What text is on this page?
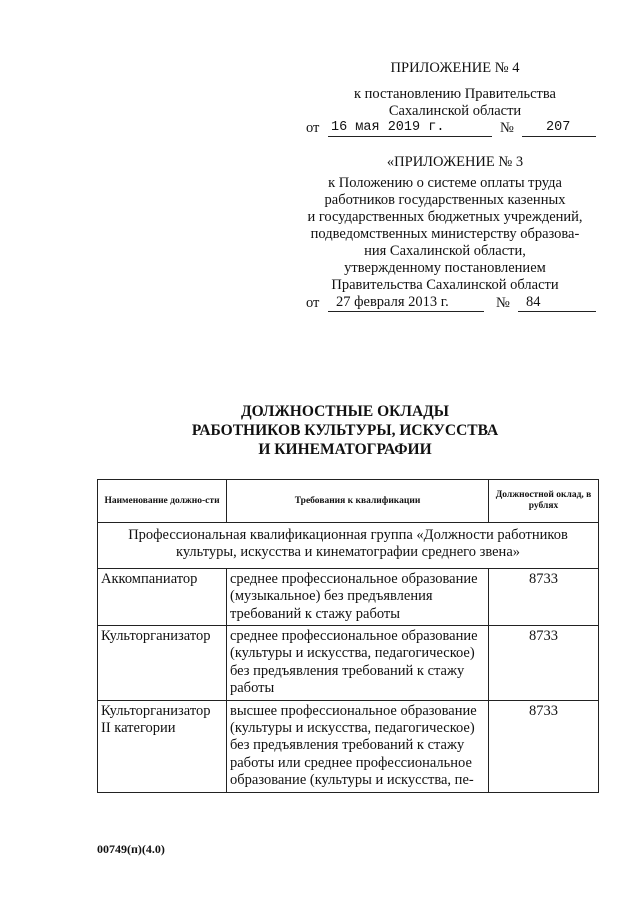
ПРИЛОЖЕНИЕ № 4
к постановлению Правительства
Сахалинской области
от 16 мая 2019 г.	№ 207
«ПРИЛОЖЕНИЕ № 3
к Положению о системе оплаты труда
работников государственных казенных
и государственных бюджетных учреждений,
подведомственных министерству образова-
ния Сахалинской области,
утвержденному постановлением
Правительства Сахалинской области
от 27 февраля 2013 г.	№ 84
ДОЛЖНОСТНЫЕ ОКЛАДЫ
РАБОТНИКОВ КУЛЬТУРЫ, ИСКУССТВА
И КИНЕМАТОГРАФИИ
Наименование должно-сти	Требования к квалификации	Должностной оклад, в рублях
Профессиональная квалификационная группа «Должности работников культуры, искусства и кинематографии среднего звена»		
Аккомпаниатор	среднее профессиональное образование (музыкальное) без предъявления требований к стажу работы	8733
Культорганизатор	среднее профессиональное образование (культуры и искусства, педагогическое) без предъявления требований к стажу работы	8733
Культорганизатор II категории	высшее профессиональное образование (культуры и искусства, педагогическое) без предъявления требований к стажу работы или среднее профессиональное образование (культуры и искусства, пе-	8733
00749(п)(4.0)
